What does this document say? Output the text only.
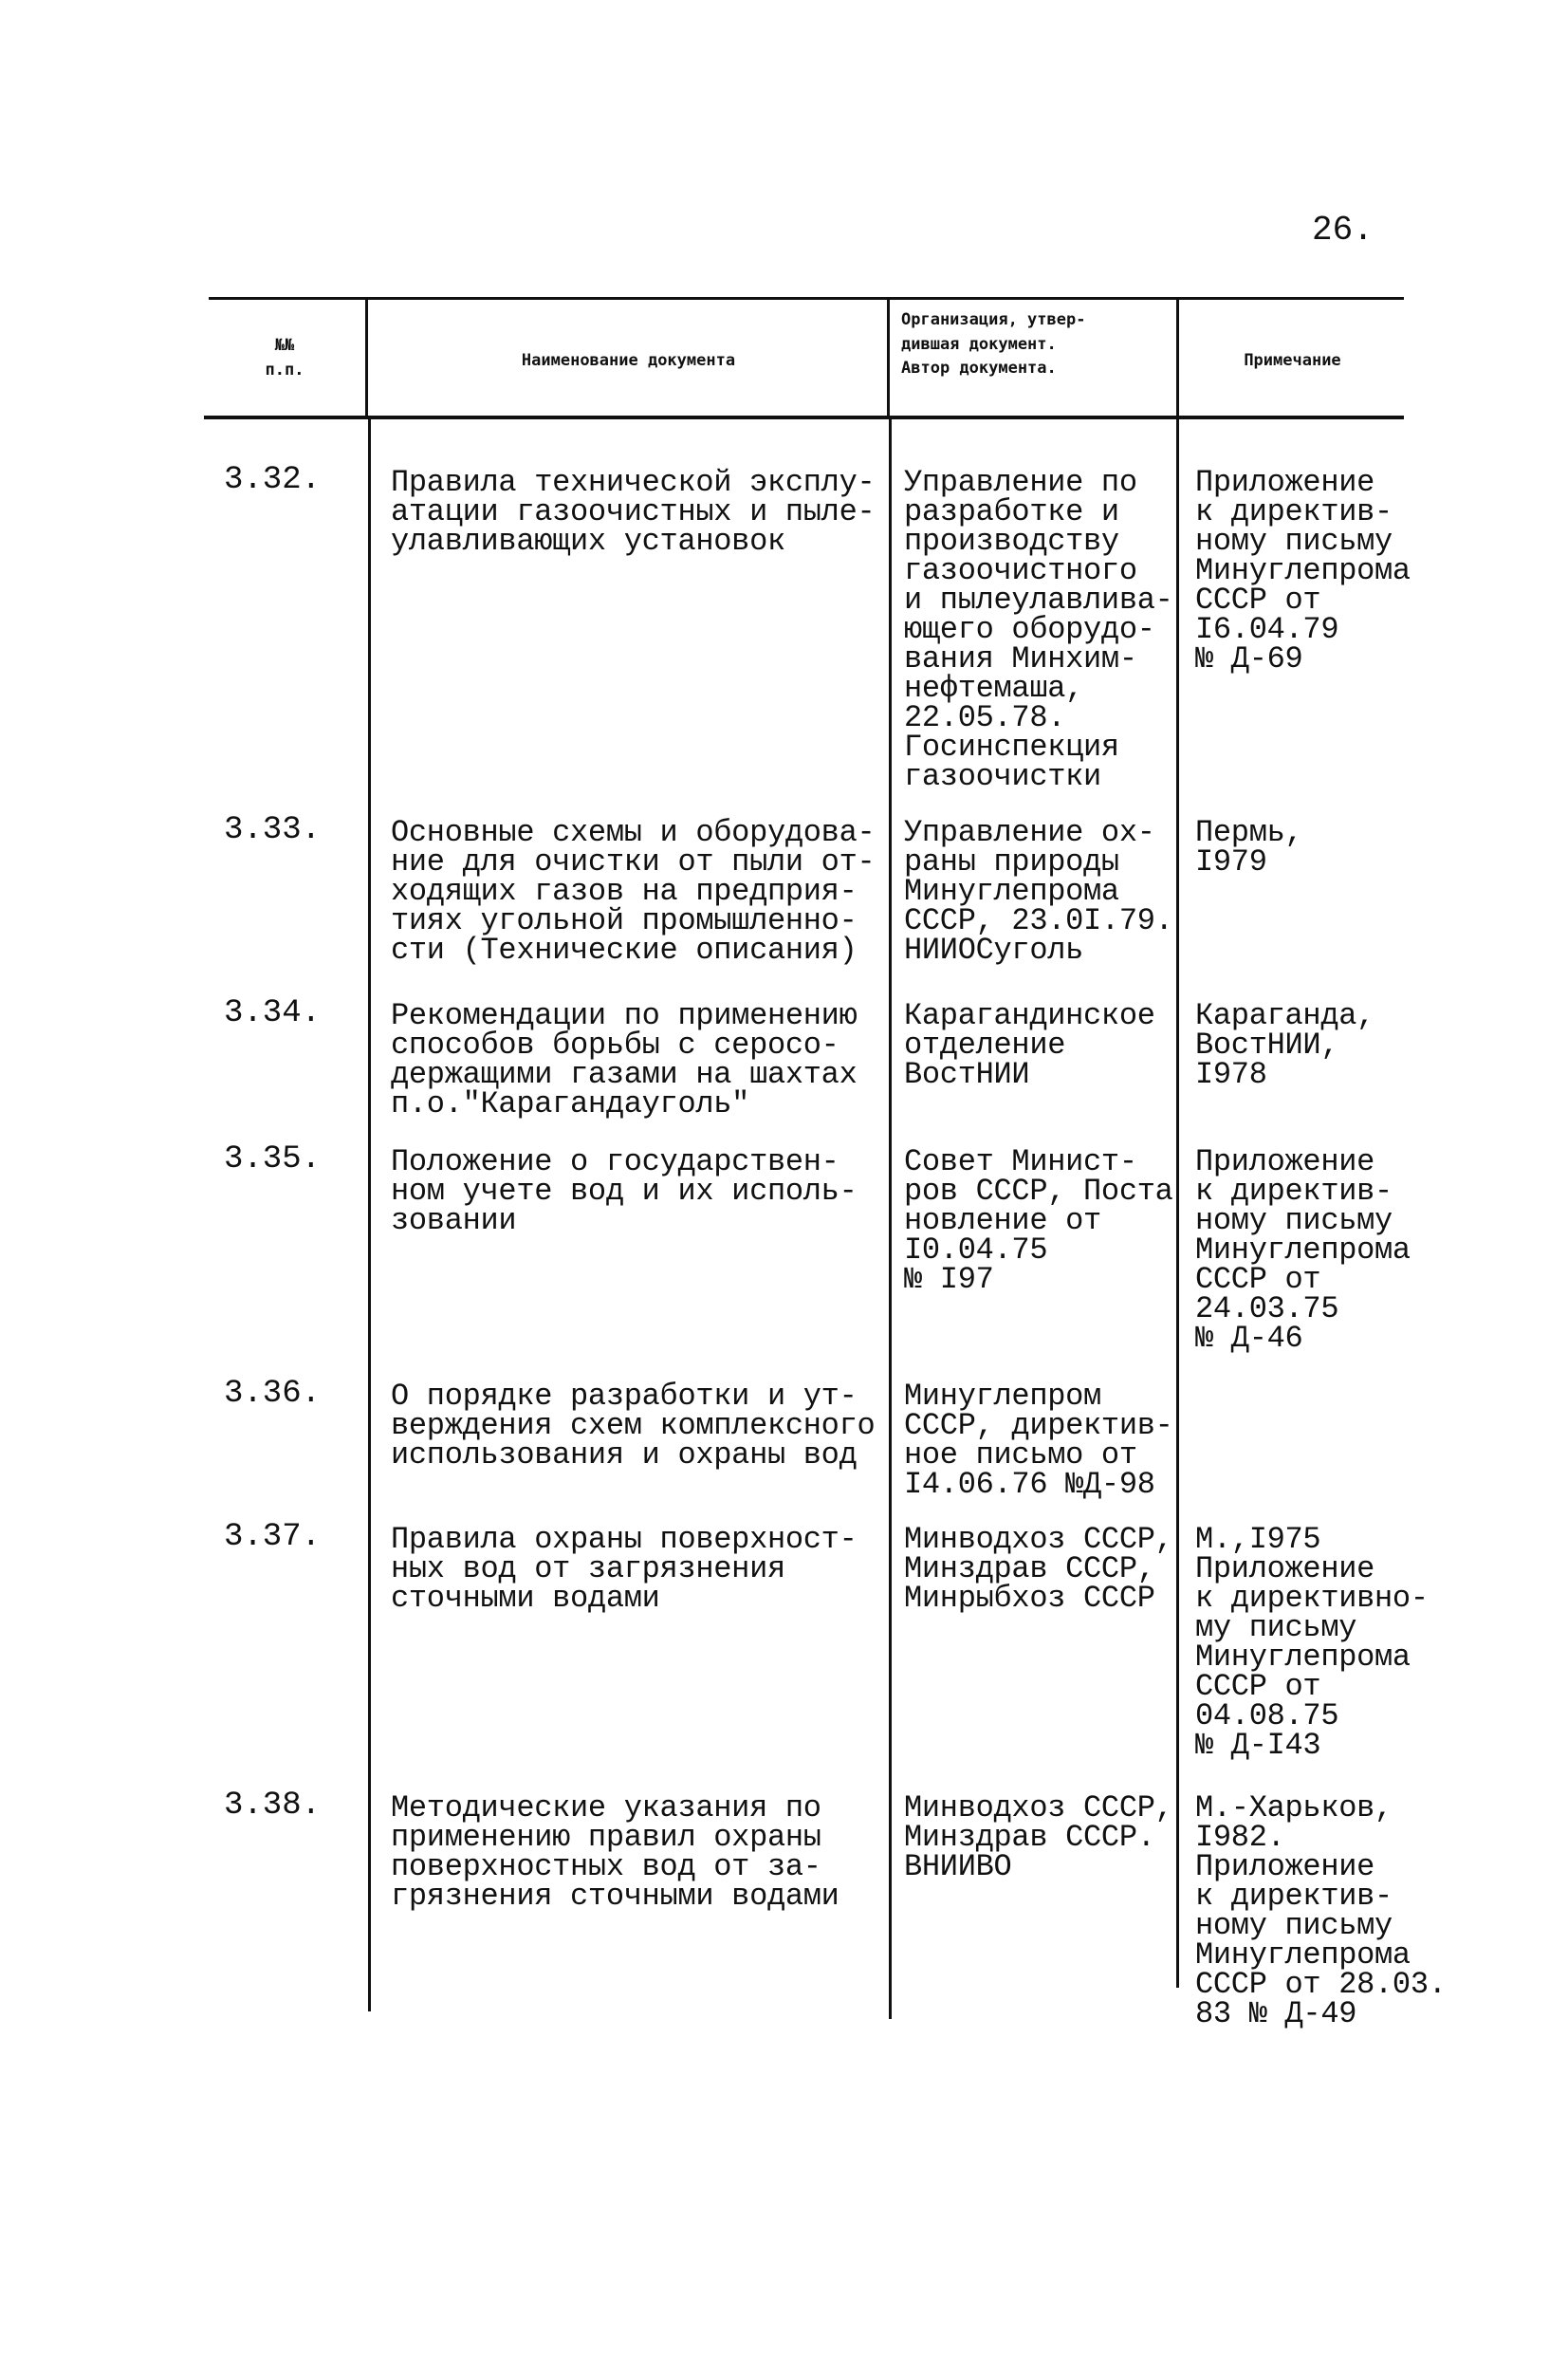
26.
№№
п.п.	Наименование документа
Организация, утвер-
дившая документ.
Автор документа.	Примечание
3.32. Правила технической эксплу-
атации газоочистных и пыле-
улавливающих установок
Управление по
разработке и
производству
газоочистного
и пылеулавлива-
ющего оборудо-
вания Минхим-
нефтемаша,
22.05.78.
Госинспекция
газоочистки
Приложение
к директив-
ному письму
Минуглепрома
СССР от
I6.04.79
№ Д-69
3.33. Основные схемы и оборудова-
ние для очистки от пыли от-
ходящих газов на предприя-
тиях угольной промышленно-
сти (Технические описания)
Управление ох-
раны природы
Минуглепрома
СССР, 23.0I.79.
НИИОСуголь
Пермь,
I979
3.34. Рекомендации по применению
способов борьбы с серосо-
держащими газами на шахтах
п.о."Карагандауголь"
Карагандинское
отделение
ВостНИИ
Караганда,
ВостНИИ,
I978
3.35. Положение о государствен-
ном учете вод и их исполь-
зовании
Совет Минист-
ров СССР, Поста
новление от
I0.04.75
№ I97
Приложение
к директив-
ному письму
Минуглепрома
СССР от
24.03.75
№ Д-46
3.36. О порядке разработки и ут-
верждения схем комплексного
использования и охраны вод
Минуглепром
СССР, директив-
ное письмо от
I4.06.76 №Д-98
3.37. Правила охраны поверхност-
ных вод от загрязнения
сточными водами
Минводхоз СССР,
Минздрав СССР,
Минрыбхоз СССР
М.,I975
Приложение
к директивно-
му письму
Минуглепрома
СССР от
04.08.75
№ Д-I43
3.38. Методические указания по
применению правил охраны
поверхностных вод от за-
грязнения сточными водами
Минводхоз СССР,
Минздрав СССР.
ВНИИВО
М.-Харьков,
I982.
Приложение
к директив-
ному письму
Минуглепрома
СССР от 28.03.
83 № Д-49
